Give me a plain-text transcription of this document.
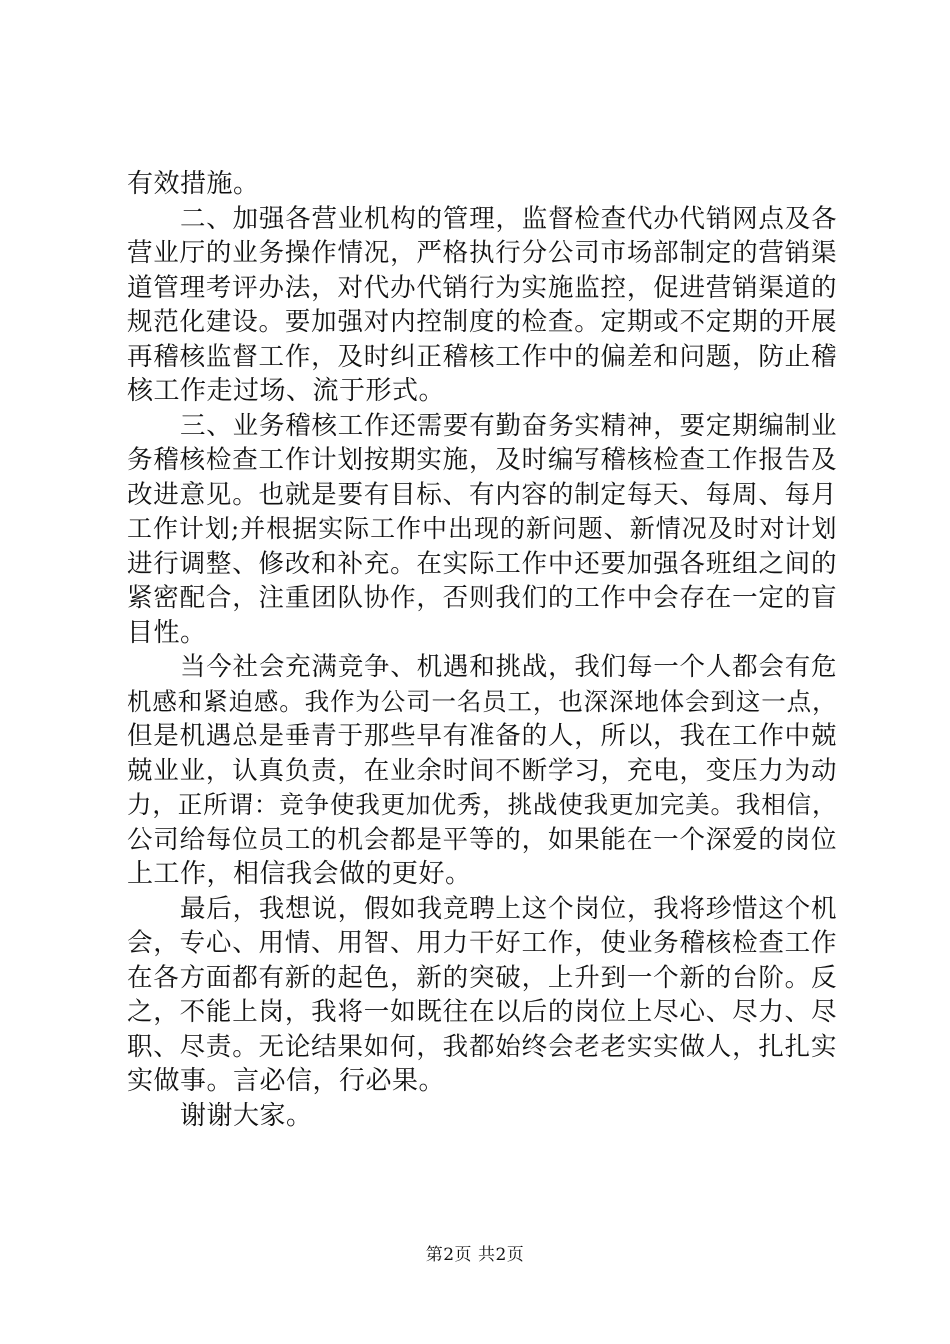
有效措施。
二、加强各营业机构的管理，监督检查代办代销网点及各
营业厅的业务操作情况，严格执行分公司市场部制定的营销渠
道管理考评办法，对代办代销行为实施监控，促进营销渠道的
规范化建设。要加强对内控制度的检查。定期或不定期的开展
再稽核监督工作，及时纠正稽核工作中的偏差和问题，防止稽
核工作走过场、流于形式。
三、业务稽核工作还需要有勤奋务实精神，要定期编制业
务稽核检查工作计划按期实施，及时编写稽核检查工作报告及
改进意见。也就是要有目标、有内容的制定每天、每周、每月
工作计划;并根据实际工作中出现的新问题、新情况及时对计划
进行调整、修改和补充。在实际工作中还要加强各班组之间的
紧密配合，注重团队协作，否则我们的工作中会存在一定的盲
目性。
当今社会充满竞争、机遇和挑战，我们每一个人都会有危
机感和紧迫感。我作为公司一名员工，也深深地体会到这一点，
但是机遇总是垂青于那些早有准备的人，所以，我在工作中兢
兢业业，认真负责，在业余时间不断学习，充电，变压力为动
力，正所谓：竞争使我更加优秀，挑战使我更加完美。我相信，
公司给每位员工的机会都是平等的，如果能在一个深爱的岗位
上工作，相信我会做的更好。
最后，我想说，假如我竞聘上这个岗位，我将珍惜这个机
会，专心、用情、用智、用力干好工作，使业务稽核检查工作
在各方面都有新的起色，新的突破，上升到一个新的台阶。反
之，不能上岗，我将一如既往在以后的岗位上尽心、尽力、尽
职、尽责。无论结果如何，我都始终会老老实实做人，扎扎实
实做事。言必信，行必果。
谢谢大家。
第2页 共2页
